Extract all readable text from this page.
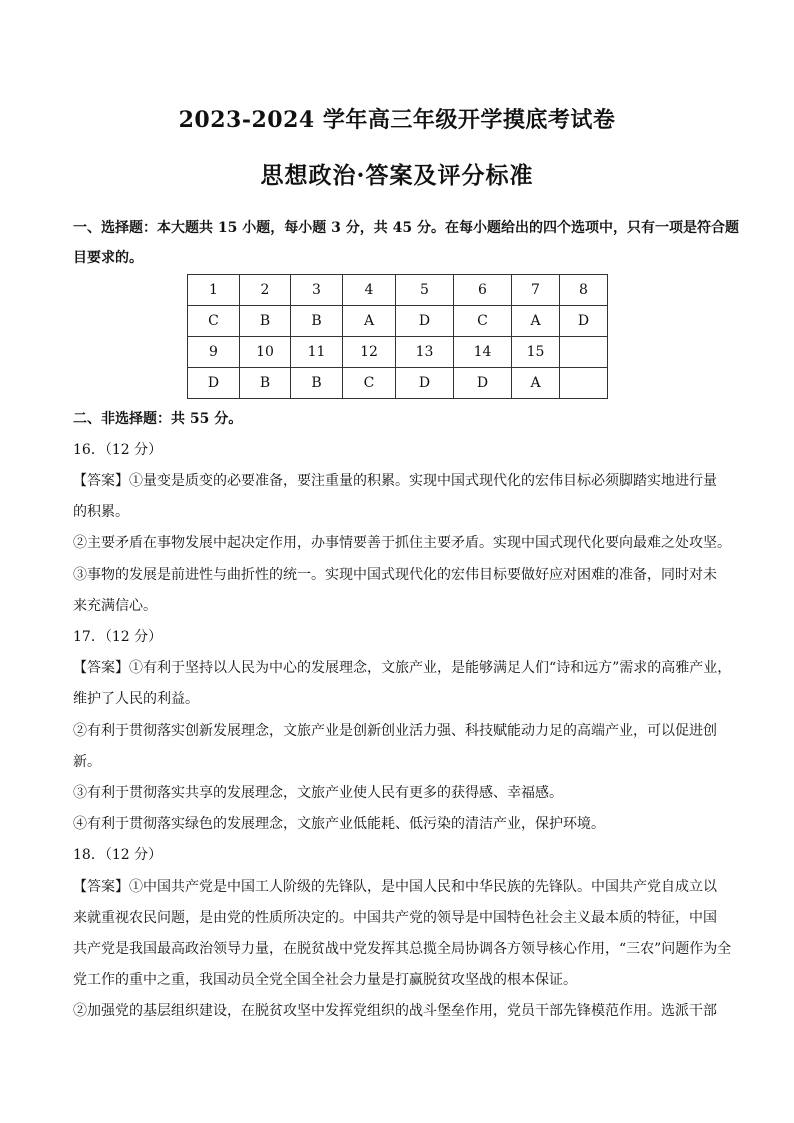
2023-2024 学年高三年级开学摸底考试卷
思想政治·答案及评分标准
一、选择题：本大题共 15 小题，每小题 3 分，共 45 分。在每小题给出的四个选项中，只有一项是符合题
目要求的。
1	2	3	4	5	6	7	8
C	B	B	A	D	C	A	D
9	10	11	12	13	14	15	
D	B	B	C	D	D	A	
二、非选择题：共 55 分。
16．（12 分）
【答案】①量变是质变的必要准备，要注重量的积累。实现中国式现代化的宏伟目标必须脚踏实地进行量
的积累。
②主要矛盾在事物发展中起决定作用，办事情要善于抓住主要矛盾。实现中国式现代化要向最难之处攻坚。
③事物的发展是前进性与曲折性的统一。实现中国式现代化的宏伟目标要做好应对困难的准备，同时对未
来充满信心。
17．（12 分）
【答案】①有利于坚持以人民为中心的发展理念，文旅产业，是能够满足人们“诗和远方”需求的高雅产业，
维护了人民的利益。
②有利于贯彻落实创新发展理念，文旅产业是创新创业活力强、科技赋能动力足的高端产业，可以促进创
新。
③有利于贯彻落实共享的发展理念，文旅产业使人民有更多的获得感、幸福感。
④有利于贯彻落实绿色的发展理念，文旅产业低能耗、低污染的清洁产业，保护环境。
18．（12 分）
【答案】①中国共产党是中国工人阶级的先锋队，是中国人民和中华民族的先锋队。中国共产党自成立以
来就重视农民问题，是由党的性质所决定的。中国共产党的领导是中国特色社会主义最本质的特征，中国
共产党是我国最高政治领导力量，在脱贫战中党发挥其总揽全局协调各方领导核心作用，“三农”问题作为全
党工作的重中之重，我国动员全党全国全社会力量是打赢脱贫攻坚战的根本保证。
②加强党的基层组织建设，在脱贫攻坚中发挥党组织的战斗堡垒作用，党员干部先锋模范作用。选派干部
